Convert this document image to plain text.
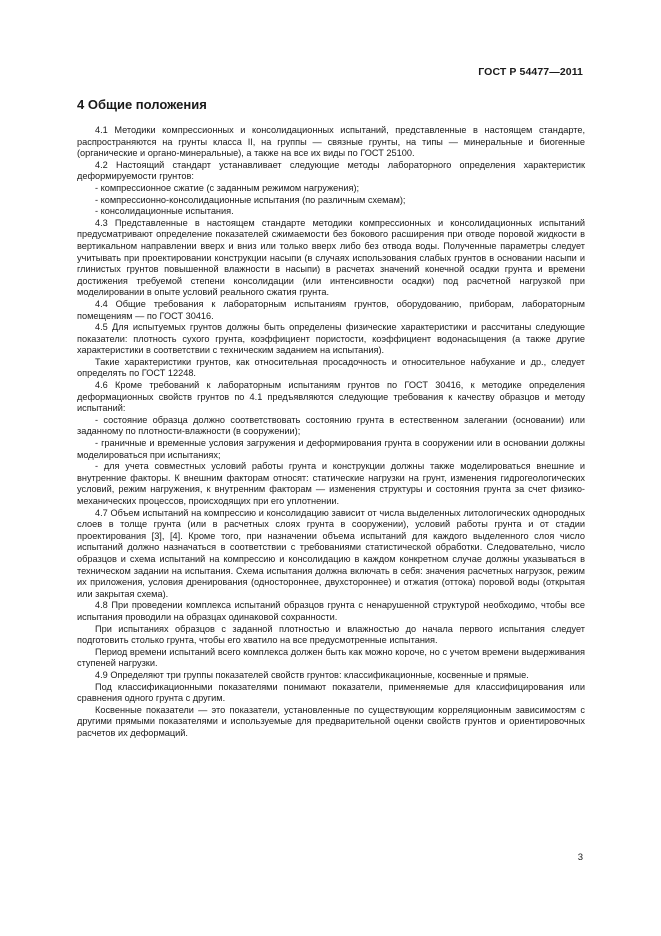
ГОСТ Р 54477—2011
4 Общие положения

4.1 Методики компрессионных и консолидационных испытаний, представленные в настоящем стандарте, распространяются на грунты класса II, на группы — связные грунты, на типы — минеральные и биогенные (органические и органо-минеральные), а также на все их виды по ГОСТ 25100.

4.2 Настоящий стандарт устанавливает следующие методы лабораторного определения характеристик деформируемости грунтов:

- компрессионное сжатие (с заданным режимом нагружения);

- компрессионно-консолидационные испытания (по различным схемам);

- консолидационные испытания.

4.3 Представленные в настоящем стандарте методики компрессионных и консолидационных испытаний предусматривают определение показателей сжимаемости без бокового расширения при отводе поровой жидкости в вертикальном направлении вверх и вниз или только вверх либо без отвода воды. Полученные параметры следует учитывать при проектировании конструкции насыпи (в случаях использования слабых грунтов в основании насыпи и глинистых грунтов повышенной влажности в насыпи) в расчетах значений конечной осадки грунта и времени достижения требуемой степени консолидации (или интенсивности осадки) под расчетной нагрузкой при моделировании в опыте условий реального сжатия грунта.

4.4 Общие требования к лабораторным испытаниям грунтов, оборудованию, приборам, лабораторным помещениям — по ГОСТ 30416.

4.5 Для испытуемых грунтов должны быть определены физические характеристики и рассчитаны следующие показатели: плотность сухого грунта, коэффициент пористости, коэффициент водонасыщения (а также другие характеристики в соответствии с техническим заданием на испытания).

Такие характеристики грунтов, как относительная просадочность и относительное набухание и др., следует определять по ГОСТ 12248.

4.6 Кроме требований к лабораторным испытаниям грунтов по ГОСТ 30416, к методике определения деформационных свойств грунтов по 4.1 предъявляются следующие требования к качеству образцов и методу испытаний:

- состояние образца должно соответствовать состоянию грунта в естественном залегании (основании) или заданному по плотности-влажности (в сооружении);

- граничные и временные условия загружения и деформирования грунта в сооружении или в основании должны моделироваться при испытаниях;

- для учета совместных условий работы грунта и конструкции должны также моделироваться внешние и внутренние факторы. К внешним факторам относят: статические нагрузки на грунт, изменения гидрогеологических условий, режим нагружения, к внутренним факторам — изменения структуры и состояния грунта за счет физико-механических процессов, происходящих при его уплотнении.

4.7 Объем испытаний на компрессию и консолидацию зависит от числа выделенных литологических однородных слоев в толще грунта (или в расчетных слоях грунта в сооружении), условий работы грунта и от стадии проектирования [3], [4]. Кроме того, при назначении объема испытаний для каждого выделенного слоя число испытаний должно назначаться в соответствии с требованиями статистической обработки. Следовательно, число образцов и схема испытаний на компрессию и консолидацию в каждом конкретном случае должны указываться в техническом задании на испытания. Схема испытания должна включать в себя: значения расчетных нагрузок, режим их приложения, условия дренирования (одностороннее, двухстороннее) и отжатия (оттока) поровой воды (открытая или закрытая схема).

4.8 При проведении комплекса испытаний образцов грунта с ненарушенной структурой необходимо, чтобы все испытания проводили на образцах одинаковой сохранности.

При испытаниях образцов с заданной плотностью и влажностью до начала первого испытания следует подготовить столько грунта, чтобы его хватило на все предусмотренные испытания.

Период времени испытаний всего комплекса должен быть как можно короче, но с учетом времени выдерживания ступеней нагрузки.

4.9 Определяют три группы показателей свойств грунтов: классификационные, косвенные и прямые.

Под классификационными показателями понимают показатели, применяемые для классифицирования или сравнения одного грунта с другим.

Косвенные показатели — это показатели, установленные по существующим корреляционным зависимостям с другими прямыми показателями и используемые для предварительной оценки свойств грунтов и ориентировочных расчетов их деформаций.

3
